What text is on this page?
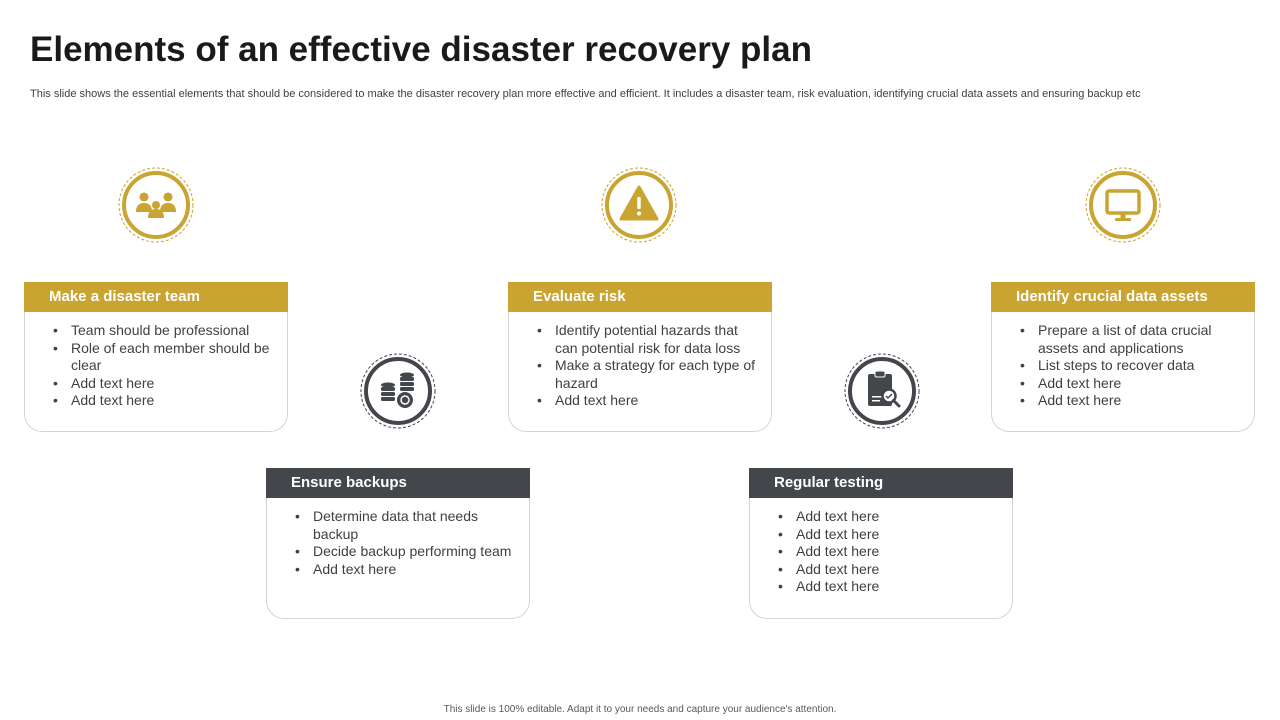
Elements of an effective disaster recovery plan
This slide shows the essential elements that should be considered to make the disaster recovery plan more effective and efficient. It includes a disaster team, risk evaluation, identifying crucial data assets and ensuring backup etc
Make a disaster team
• Team should be professional
• Role of each member should be clear
• Add text here
• Add text here
Evaluate risk
• Identify potential hazards that can potential risk for data loss
• Make a strategy for each type of hazard
• Add text here
Identify crucial data assets
• Prepare a list of data crucial assets and applications
• List steps to recover data
• Add text here
• Add text here
Ensure backups
• Determine data that needs backup
• Decide backup performing team
• Add text here
Regular testing
• Add text here
• Add text here
• Add text here
• Add text here
• Add text here
This slide is 100% editable. Adapt it to your needs and capture your audience's attention.
